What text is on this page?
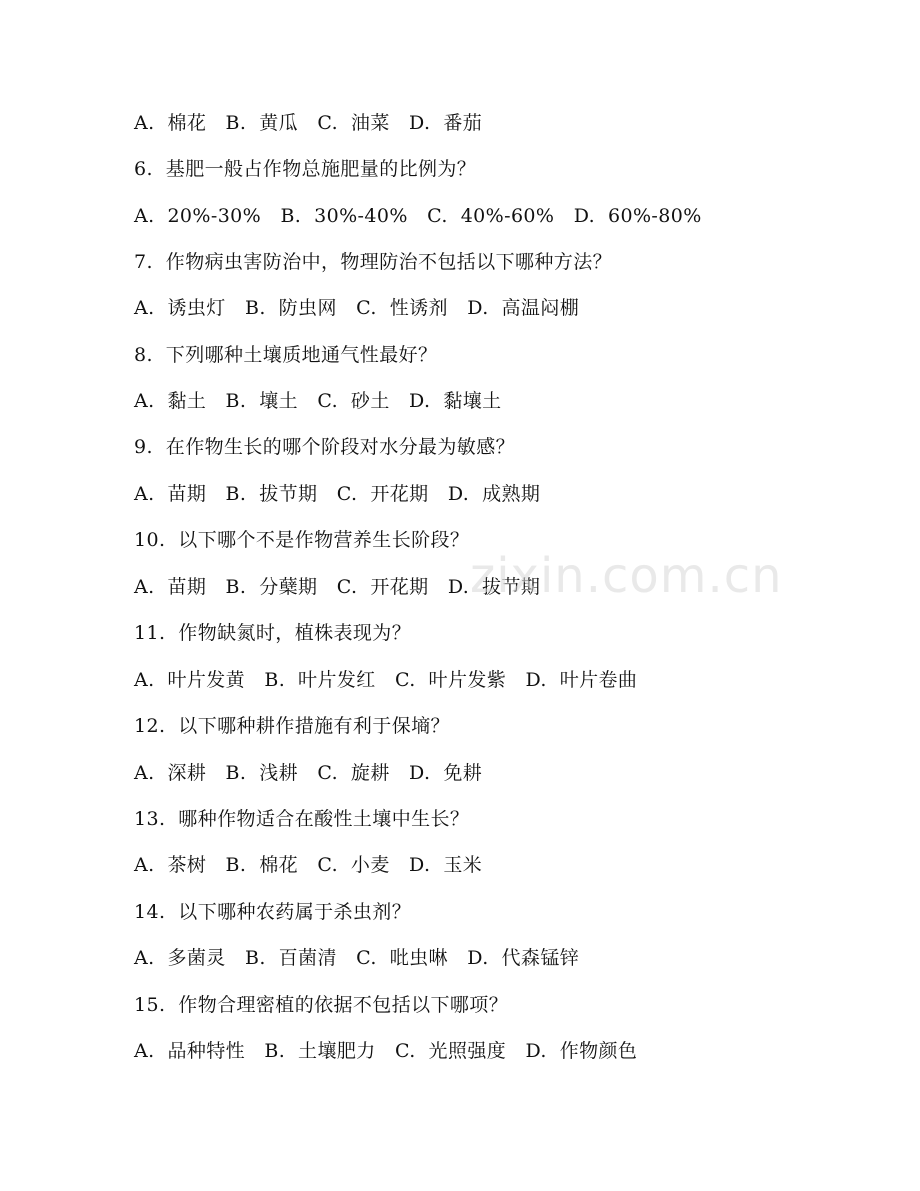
A.  棉花   B.  黄瓜   C.  油菜   D.  番茄
6.  基肥一般占作物总施肥量的比例为？
A.  20%-30%   B.  30%-40%   C.  40%-60%   D.  60%-80%
7.  作物病虫害防治中，物理防治不包括以下哪种方法？
A.  诱虫灯   B.  防虫网   C.  性诱剂   D.  高温闷棚
8.  下列哪种土壤质地通气性最好？
A.  黏土   B.  壤土   C.  砂土   D.  黏壤土
9.  在作物生长的哪个阶段对水分最为敏感？
A.  苗期   B.  拔节期   C.  开花期   D.  成熟期
10.  以下哪个不是作物营养生长阶段？
A.  苗期   B.  分蘖期   C.  开花期   D.  拔节期
11.  作物缺氮时，植株表现为？
A.  叶片发黄   B.  叶片发红   C.  叶片发紫   D.  叶片卷曲
12.  以下哪种耕作措施有利于保墒？
A.  深耕   B.  浅耕   C.  旋耕   D.  免耕
13.  哪种作物适合在酸性土壤中生长？
A.  茶树   B.  棉花   C.  小麦   D.  玉米
14.  以下哪种农药属于杀虫剂？
A.  多菌灵   B.  百菌清   C.  吡虫啉   D.  代森锰锌
15.  作物合理密植的依据不包括以下哪项？
A.  品种特性   B.  土壤肥力   C.  光照强度   D.  作物颜色
zixin.com.cn
